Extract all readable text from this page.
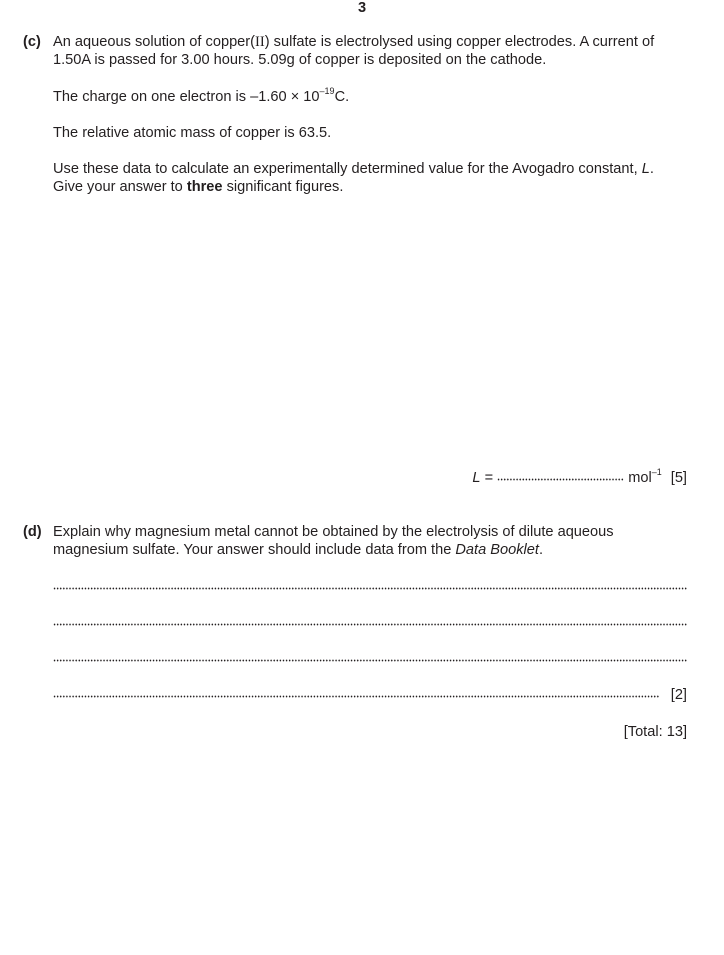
3
(c) An aqueous solution of copper(II) sulfate is electrolysed using copper electrodes. A current of
1.50A is passed for 3.00 hours. 5.09g of copper is deposited on the cathode.
The charge on one electron is $-1.60 \times 10^{-19}C$.
The relative atomic mass of copper is 63.5.
Use these data to calculate an experimentally determined value for the Avogadro constant, L.
Give your answer to three significant figures.
L =	mol$^{-1}$ [5]
(d) Explain why magnesium metal cannot be obtained by the electrolysis of dilute aqueous
magnesium sulfate. Your answer should include data from the Data Booklet.
[2]
[Total: 13]
